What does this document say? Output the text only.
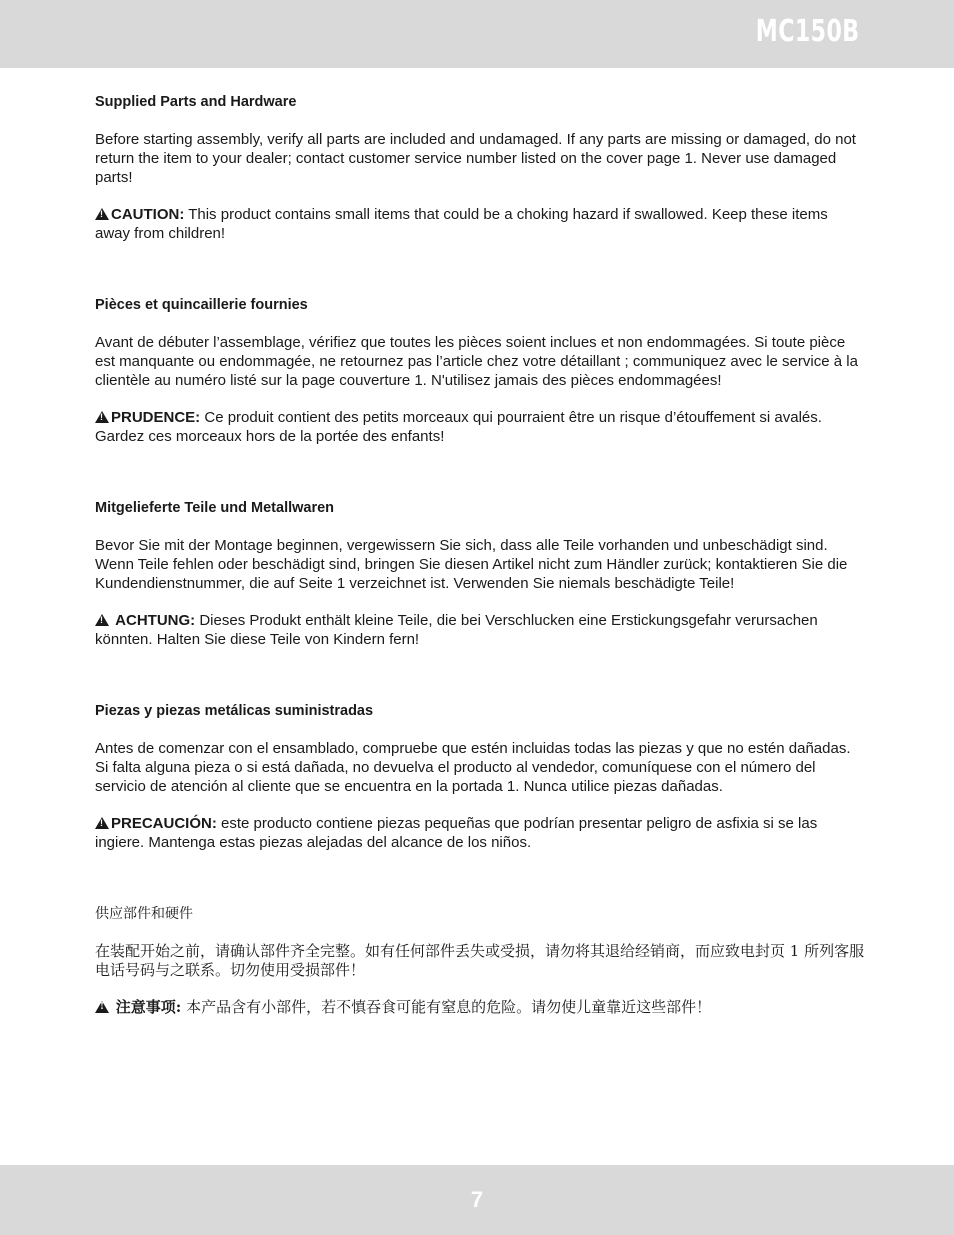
MC150B
Supplied Parts and Hardware

Before starting assembly, verify all parts are included and undamaged. If any parts are missing or damaged, do not return the item to your dealer; contact customer service number listed on the cover page 1. Never use damaged parts!

!CAUTION: This product contains small items that could be a choking hazard if swallowed. Keep these items away from children!

Pièces et quincaillerie fournies

Avant de débuter l’assemblage, vérifiez que toutes les pièces soient inclues et non endommagées. Si toute pièce est manquante ou endommagée, ne retournez pas l’article chez votre détaillant ; communiquez avec le service à la clientèle au numéro listé sur la page couverture 1. N'utilisez jamais des pièces endommagées!

!PRUDENCE: Ce produit contient des petits morceaux qui pourraient être un risque d’étouffement si avalés. Gardez ces morceaux hors de la portée des enfants!

Mitgelieferte Teile und Metallwaren

Bevor Sie mit der Montage beginnen, vergewissern Sie sich, dass alle Teile vorhanden und unbeschädigt sind. Wenn Teile fehlen oder beschädigt sind, bringen Sie diesen Artikel nicht zum Händler zurück; kontaktieren Sie die Kundendienstnummer, die auf Seite 1 verzeichnet ist. Verwenden Sie niemals beschädigte Teile!

! ACHTUNG: Dieses Produkt enthält kleine Teile, die bei Verschlucken eine Erstickungsgefahr verursachen könnten. Halten Sie diese Teile von Kindern fern!

Piezas y piezas metálicas suministradas

Antes de comenzar con el ensamblado, compruebe que estén incluidas todas las piezas y que no estén dañadas. Si falta alguna pieza o si está dañada, no devuelva el producto al vendedor, comuníquese con el número del servicio de atención al cliente que se encuentra en la portada 1. Nunca utilice piezas dañadas.

!PRECAUCIÓN: este producto contiene piezas pequeñas que podrían presentar peligro de asfixia si se las ingiere. Mantenga estas piezas alejadas del alcance de los niños.

供应部件和硬件

在装配开始之前，请确认部件齐全完整。如有任何部件丢失或受损，请勿将其退给经销商，而应致电封页 1 所列客服电话号码与之联系。切勿使用受损部件！

! 注意事项: 本产品含有小部件，若不慎吞食可能有窒息的危险。请勿使儿童靠近这些部件！

7
